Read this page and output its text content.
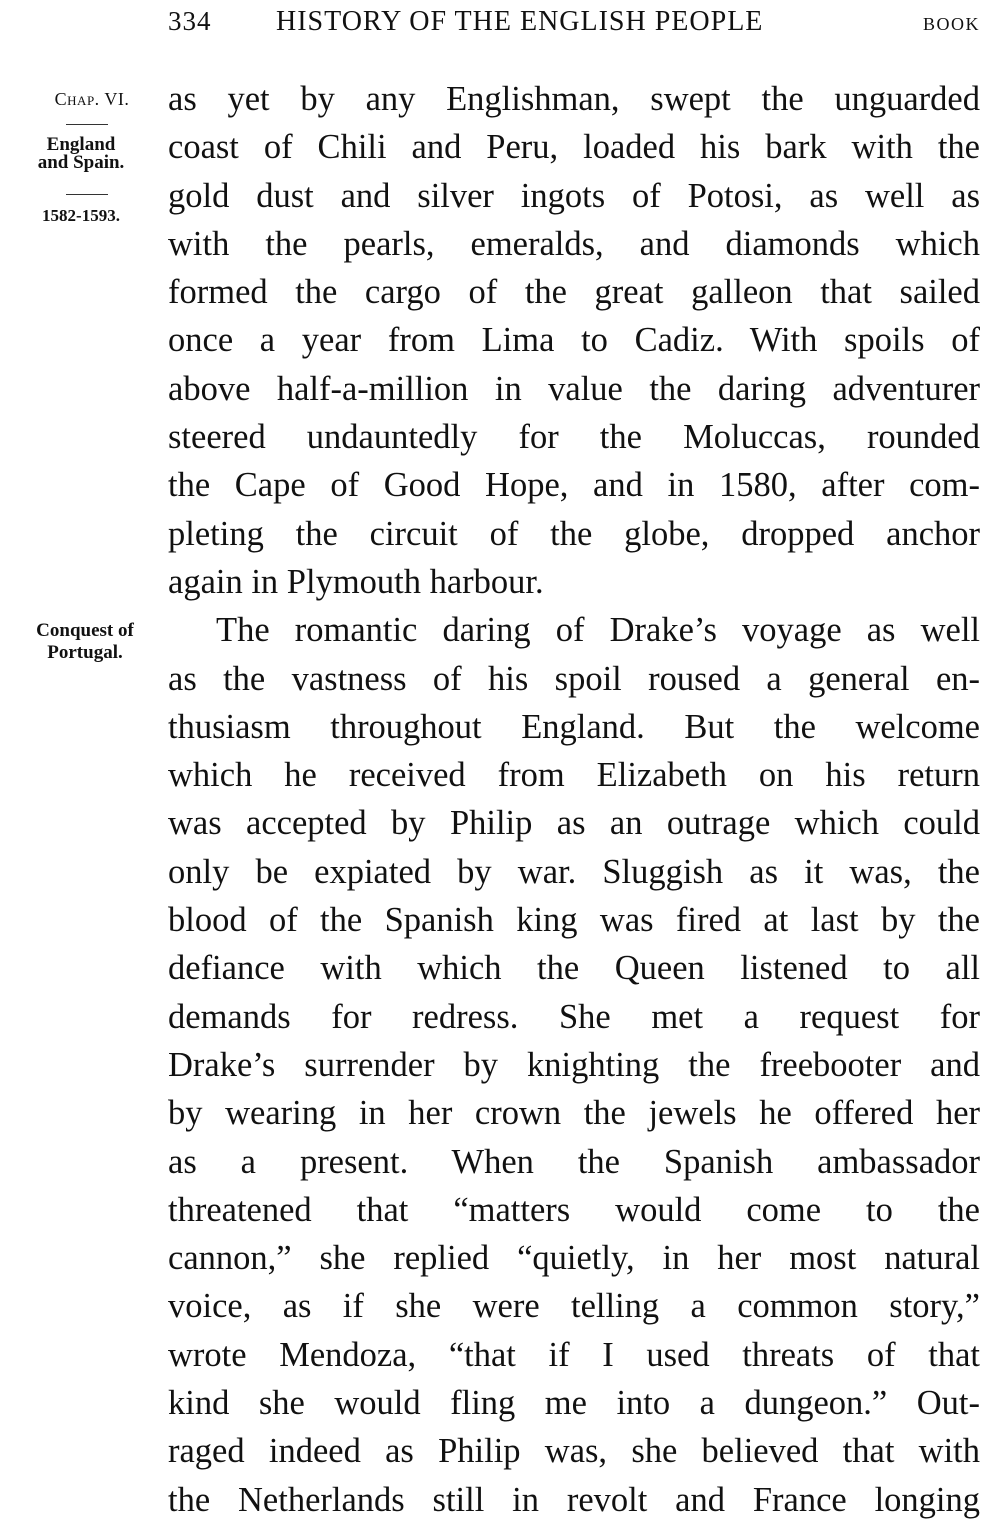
334 HISTORY OF THE ENGLISH PEOPLE	BOOK
Chap. VI.
England
and Spain.
1582-1593.
Conquest of
Portugal.

as yet by any Englishman, swept the unguarded
coast of Chili and Peru, loaded his bark with the
gold dust and silver ingots of Potosi, as well as
with the pearls, emeralds, and diamonds which
formed the cargo of the great galleon that sailed
once a year from Lima to Cadiz. With spoils of
above half-a-million in value the daring adventurer
steered undauntedly for the Moluccas, rounded
the Cape of Good Hope, and in 1580, after com-
pleting the circuit of the globe, dropped anchor
again in Plymouth harbour.

The romantic daring of Drake’s voyage as well
as the vastness of his spoil roused a general en-
thusiasm throughout England. But the welcome
which he received from Elizabeth on his return
was accepted by Philip as an outrage which could
only be expiated by war. Sluggish as it was, the
blood of the Spanish king was fired at last by the
defiance with which the Queen listened to all
demands for redress. She met a request for
Drake’s surrender by knighting the freebooter and
by wearing in her crown the jewels he offered her
as a present. When the Spanish ambassador
threatened that “matters would come to the
cannon,” she replied “quietly, in her most natural
voice, as if she were telling a common story,”
wrote Mendoza, “that if I used threats of that
kind she would fling me into a dungeon.” Out-
raged indeed as Philip was, she believed that with
the Netherlands still in revolt and France longing
